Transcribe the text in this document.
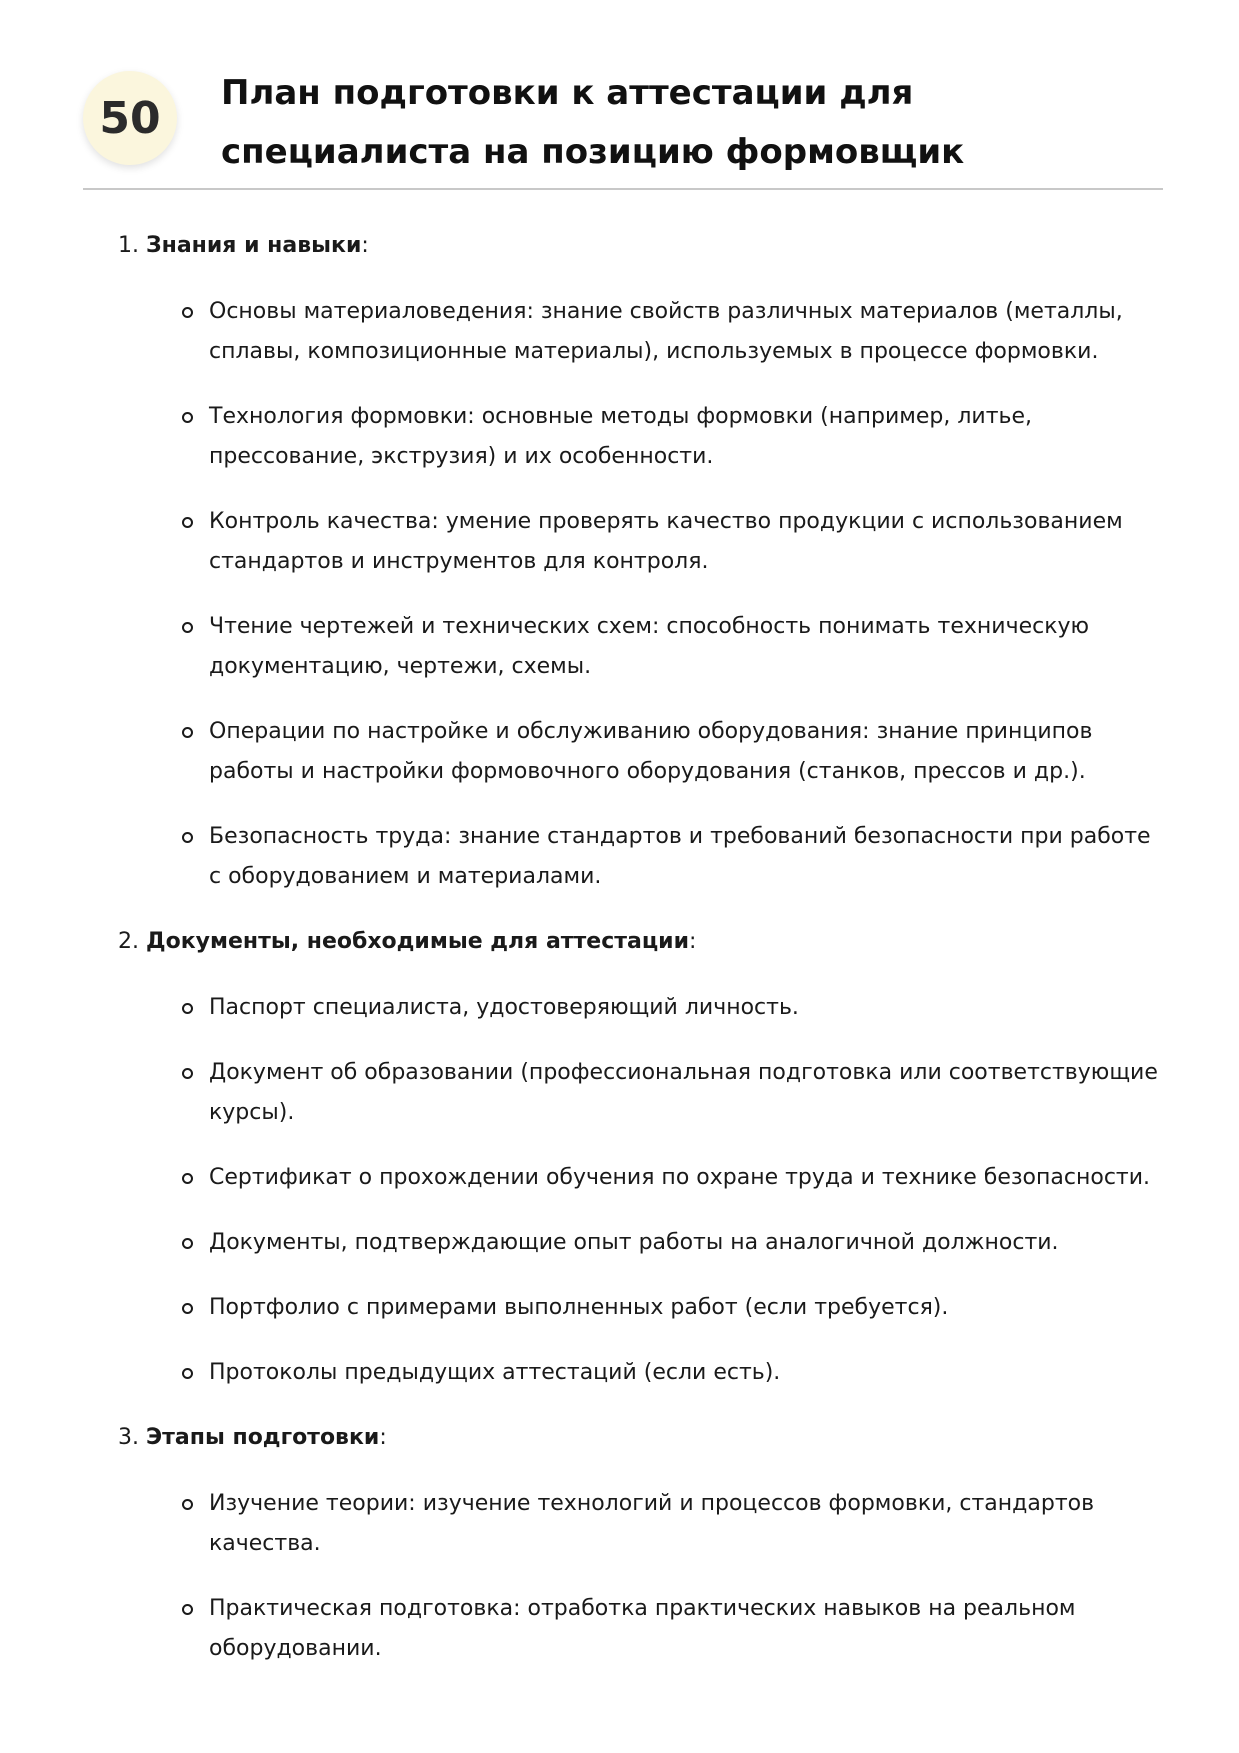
50	План подготовки к аттестации для специалиста на позицию формовщик
1. Знания и навыки:
Основы материаловедения: знание свойств различных материалов (металлы, сплавы, композиционные материалы), используемых в процессе формовки.
Технология формовки: основные методы формовки (например, литье, прессование, экструзия) и их особенности.
Контроль качества: умение проверять качество продукции с использованием стандартов и инструментов для контроля.
Чтение чертежей и технических схем: способность понимать техническую документацию, чертежи, схемы.
Операции по настройке и обслуживанию оборудования: знание принципов работы и настройки формовочного оборудования (станков, прессов и др.).
Безопасность труда: знание стандартов и требований безопасности при работе с оборудованием и материалами.
2. Документы, необходимые для аттестации:
Паспорт специалиста, удостоверяющий личность.
Документ об образовании (профессиональная подготовка или соответствующие курсы).
Сертификат о прохождении обучения по охране труда и технике безопасности.
Документы, подтверждающие опыт работы на аналогичной должности.
Портфолио с примерами выполненных работ (если требуется).
Протоколы предыдущих аттестаций (если есть).
3. Этапы подготовки:
Изучение теории: изучение технологий и процессов формовки, стандартов качества.
Практическая подготовка: отработка практических навыков на реальном оборудовании.
